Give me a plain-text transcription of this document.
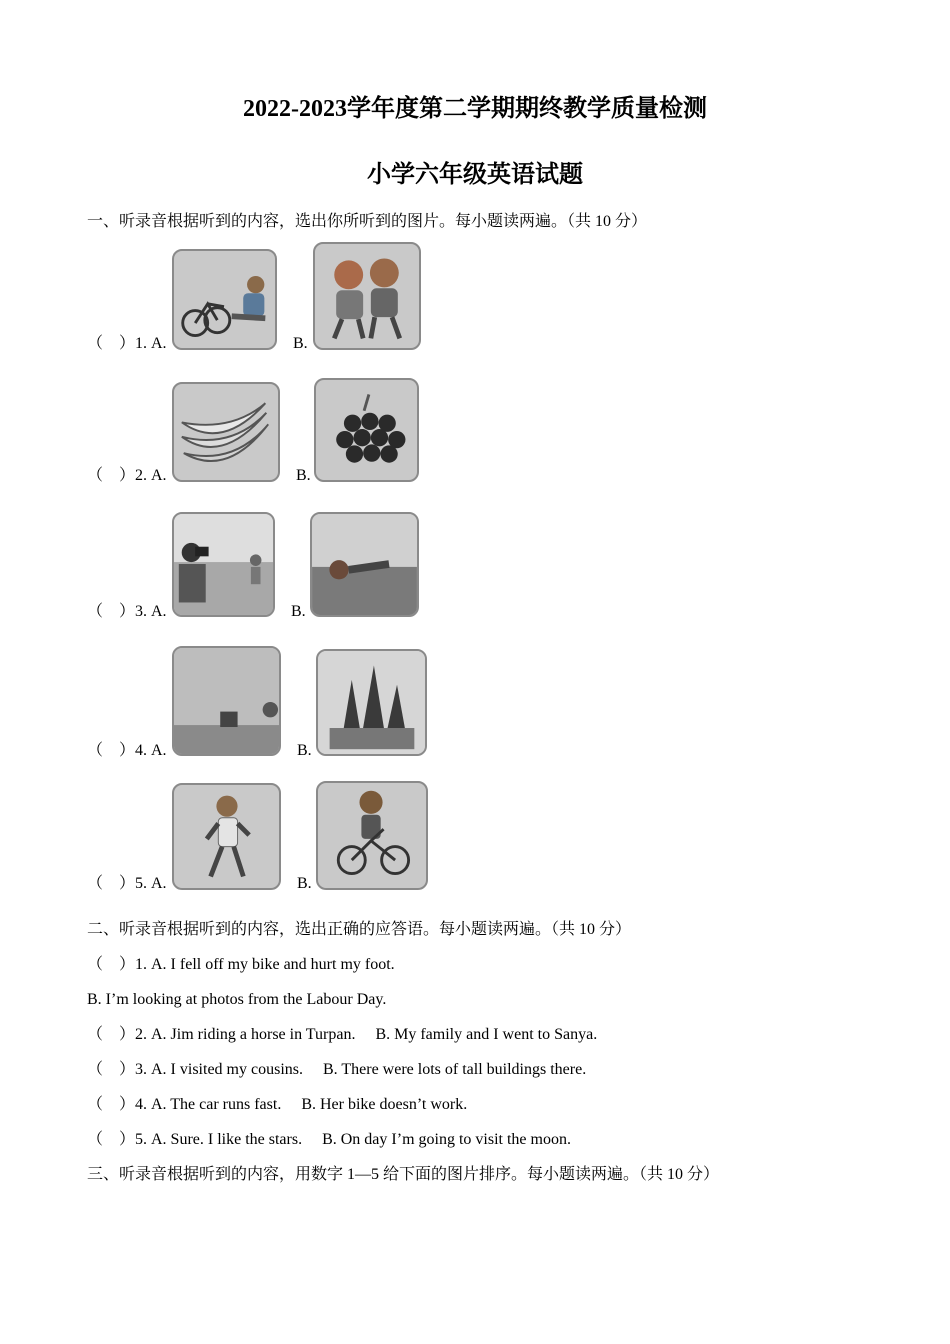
2022-2023学年度第二学期期终教学质量检测
小学六年级英语试题
一、听录音根据听到的内容，选出你所听到的图片。每小题读两遍。（共 10 分）
（　）1. A.	B.
（　）2. A.	B.
（　）3. A.	B.
（　）4. A.	B.
（　）5. A.	B.
二、听录音根据听到的内容，选出正确的应答语。每小题读两遍。（共 10 分）
（　）1. A. I fell off my bike and hurt my foot.
B. I’m looking at photos from the Labour Day.
（　）2. A. Jim riding a horse in Turpan.　 B. My family and I went to Sanya.
（　）3. A. I visited my cousins.　 B. There were lots of tall buildings there.
（　）4. A. The car runs fast.　 B. Her bike doesn’t work.
（　）5. A. Sure. I like the stars.　 B. On day I’m going to visit the moon.
三、听录音根据听到的内容，用数字 1—5 给下面的图片排序。每小题读两遍。（共 10 分）
